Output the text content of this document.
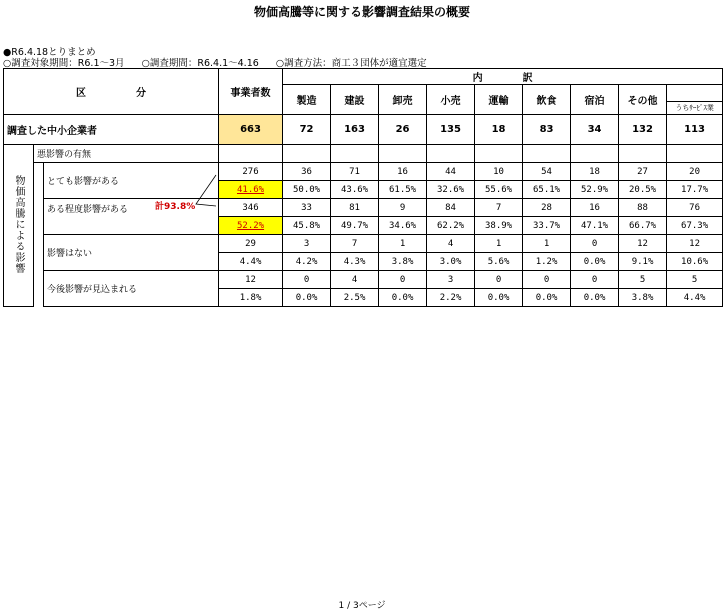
物価高騰等に関する影響調査結果の概要
●R6.4.18とりまとめ
○調査対象期間：R6.1～3月 ○調査期間：R6.4.1～4.16 ○調査方法：商工３団体が適宜選定
区　　　　　分			事業者数	内　　　　訳								
				製造	建設	卸売	小売	運輸	飲食	宿泊	その他	
												うちｻｰﾋﾞｽ業
調査した中小企業者			663	72	163	26	135	18	83	34	132	113
物価高騰による影響	悪影響の有無											
		とても影響がある	276	36	71	16	44	10	54	18	27	20
			41.6%	50.0%	43.6%	61.5%	32.6%	55.6%	65.1%	52.9%	20.5%	17.7%
		ある程度影響がある	346	33	81	9	84	7	28	16	88	76
			52.2%	45.8%	49.7%	34.6%	62.2%	38.9%	33.7%	47.1%	66.7%	67.3%
		影響はない	29	3	7	1	4	1	1	0	12	12
			4.4%	4.2%	4.3%	3.8%	3.0%	5.6%	1.2%	0.0%	9.1%	10.6%
		今後影響が見込まれる	12	0	4	0	3	0	0	0	5	5
			1.8%	0.0%	2.5%	0.0%	2.2%	0.0%	0.0%	0.0%	3.8%	4.4%
計93.8%
1 / 3ページ
